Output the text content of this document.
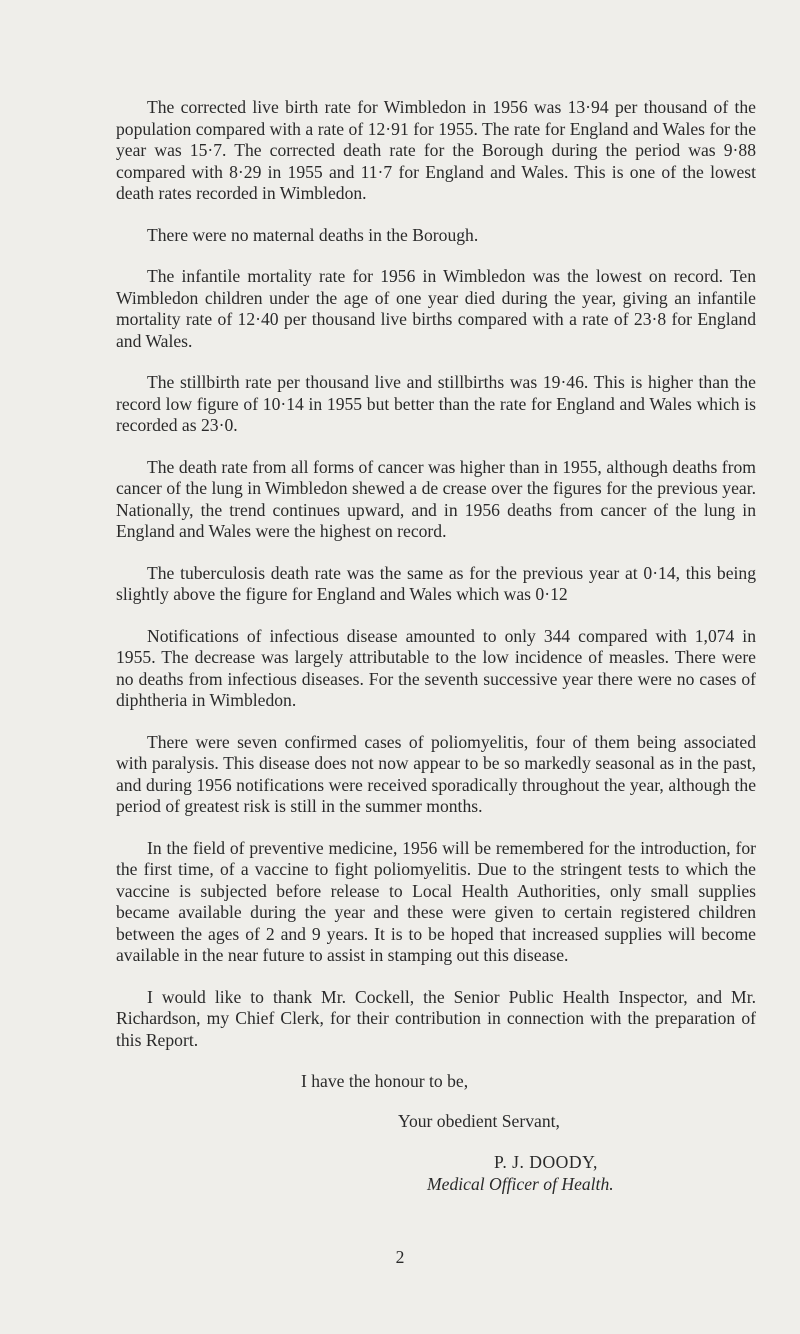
The corrected live birth rate for Wimbledon in 1956 was 13·94 per thousand of the population compared with a rate of 12·91 for 1955. The rate for England and Wales for the year was 15·7. The corrected death rate for the Borough during the period was 9·88 compared with 8·29 in 1955 and 11·7 for England and Wales. This is one of the lowest death rates recorded in Wimbledon.

There were no maternal deaths in the Borough.

The infantile mortality rate for 1956 in Wimbledon was the lowest on record. Ten Wimbledon children under the age of one year died during the year, giving an infantile mortality rate of 12·40 per thousand live births compared with a rate of 23·8 for England and Wales.

The stillbirth rate per thousand live and stillbirths was 19·46. This is higher than the record low figure of 10·14 in 1955 but better than the rate for England and Wales which is recorded as 23·0.

The death rate from all forms of cancer was higher than in 1955, although deaths from cancer of the lung in Wimbledon shewed a de crease over the figures for the previous year. Nationally, the trend continues upward, and in 1956 deaths from cancer of the lung in England and Wales were the highest on record.

The tuberculosis death rate was the same as for the previous year at 0·14, this being slightly above the figure for England and Wales which was 0·12

Notifications of infectious disease amounted to only 344 compared with 1,074 in 1955. The decrease was largely attributable to the low incidence of measles. There were no deaths from infectious diseases. For the seventh successive year there were no cases of diphtheria in Wimbledon.

There were seven confirmed cases of poliomyelitis, four of them being associated with paralysis. This disease does not now appear to be so markedly seasonal as in the past, and during 1956 notifications were received sporadically throughout the year, although the period of greatest risk is still in the summer months.

In the field of preventive medicine, 1956 will be remembered for the introduction, for the first time, of a vaccine to fight poliomyelitis. Due to the stringent tests to which the vaccine is subjected before release to Local Health Authorities, only small supplies became available during the year and these were given to certain registered children between the ages of 2 and 9 years. It is to be hoped that increased supplies will become available in the near future to assist in stamping out this disease.

I would like to thank Mr. Cockell, the Senior Public Health Inspector, and Mr. Richardson, my Chief Clerk, for their contribution in connection with the preparation of this Report.

I have the honour to be,

Your obedient Servant,

P. J. DOODY,

Medical Officer of Health.

2
